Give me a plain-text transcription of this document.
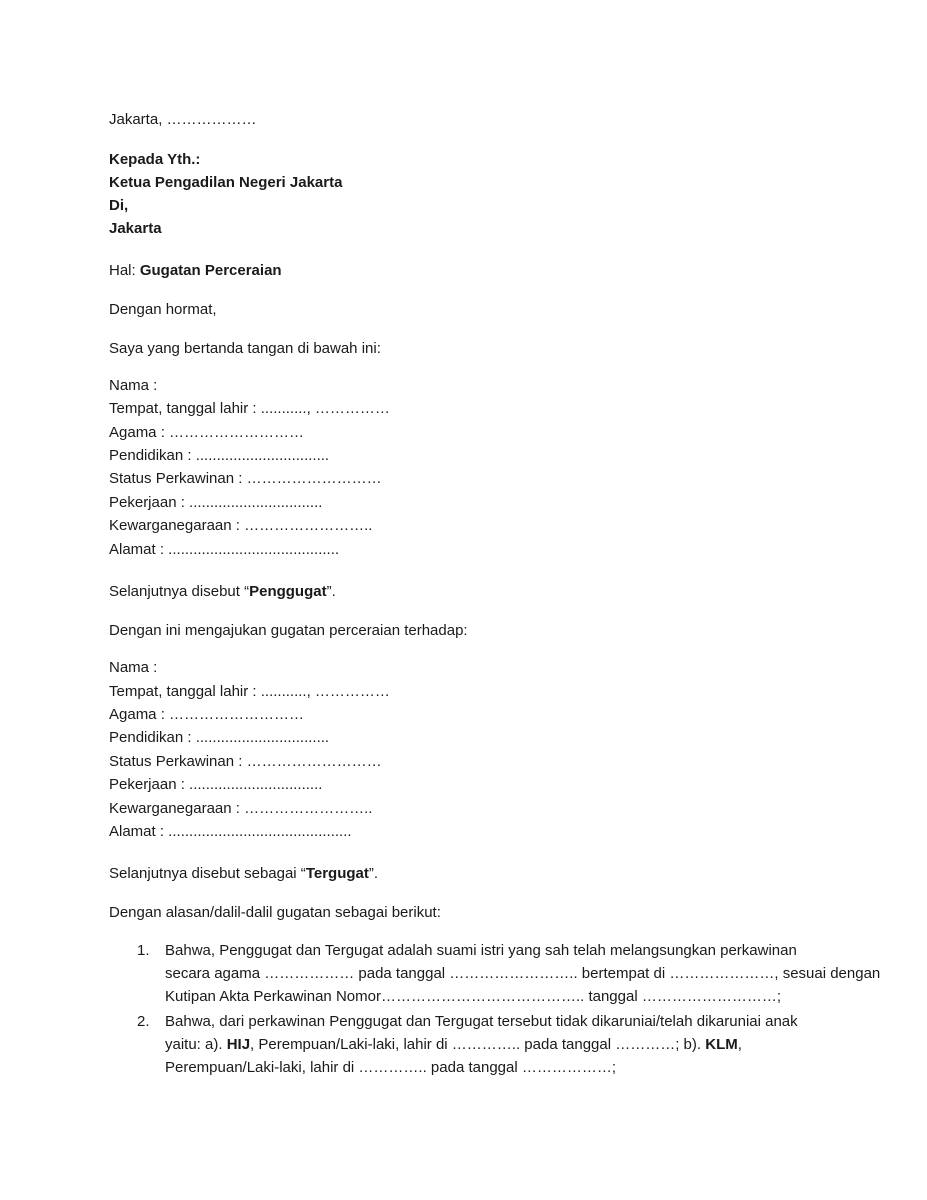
Jakarta, ………………
Kepada Yth.:
Ketua Pengadilan Negeri Jakarta
Di,
Jakarta
Hal: Gugatan Perceraian
Dengan hormat,
Saya yang bertanda tangan di bawah ini:
Nama :
Tempat, tanggal lahir : ..........., ……………
Agama : ………………………
Pendidikan : ................................
Status Perkawinan : ………………………
Pekerjaan : ................................
Kewarganegaraan : ……………………..
Alamat : .........................................
Selanjutnya disebut “Penggugat”.
Dengan ini mengajukan gugatan perceraian terhadap:
Nama :
Tempat, tanggal lahir : ..........., ……………
Agama : ………………………
Pendidikan : ................................
Status Perkawinan : ………………………
Pekerjaan : ................................
Kewarganegaraan : ……………………..
Alamat : ............................................
Selanjutnya disebut sebagai “Tergugat”.
Dengan alasan/dalil-dalil gugatan sebagai berikut:
1. Bahwa, Penggugat dan Tergugat adalah suami istri yang sah telah melangsungkan perkawinan
secara agama ……………… pada tanggal …………………….. bertempat di …………………, sesuai dengan
Kutipan Akta Perkawinan Nomor………………………………….. tanggal ………………………;
2. Bahwa, dari perkawinan Penggugat dan Tergugat tersebut tidak dikaruniai/telah dikaruniai anak
yaitu: a). HIJ, Perempuan/Laki-laki, lahir di ………….. pada tanggal …………; b). KLM,
Perempuan/Laki-laki, lahir di ………….. pada tanggal ………………;
